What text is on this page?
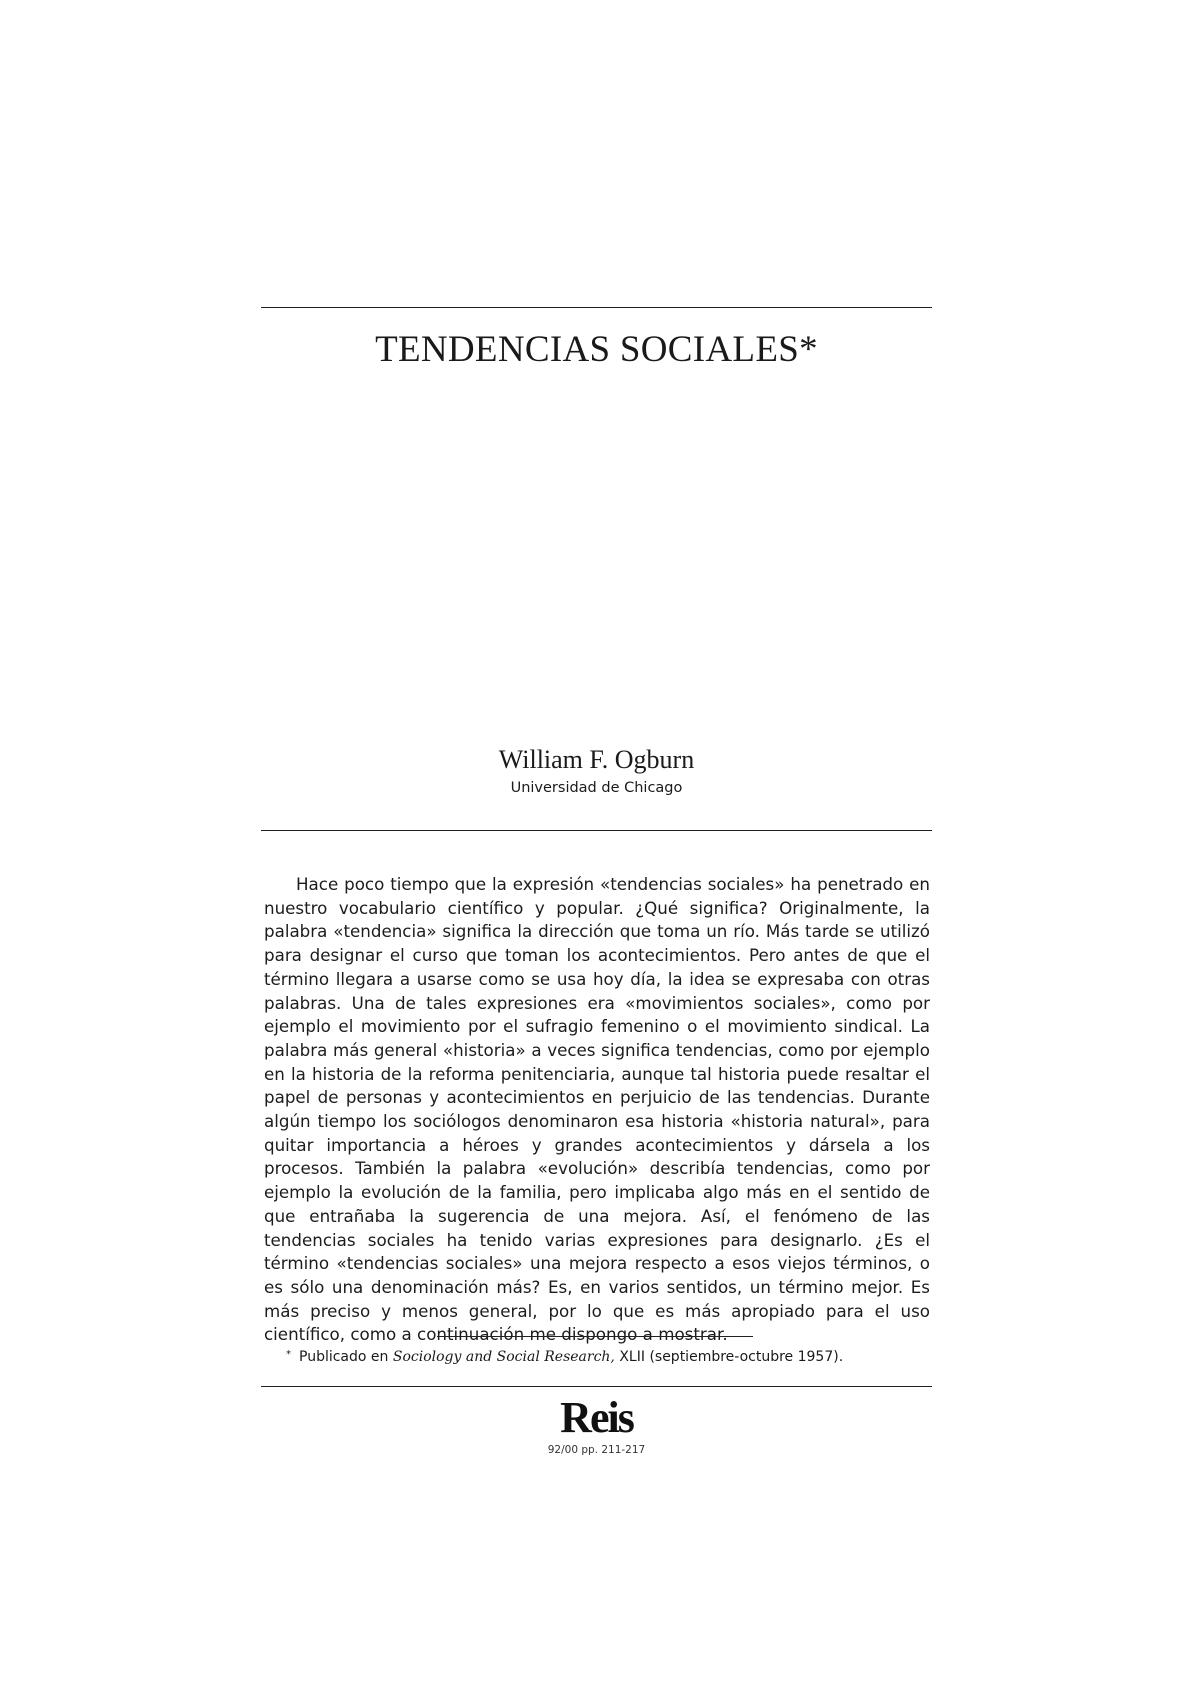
TENDENCIAS SOCIALES*
William F. Ogburn
Universidad de Chicago

Hace poco tiempo que la expresión «tendencias sociales» ha penetrado en nuestro vocabulario científico y popular. ¿Qué significa? Originalmente, la palabra «tendencia» significa la dirección que toma un río. Más tarde se utilizó para designar el curso que toman los acontecimientos. Pero antes de que el término llegara a usarse como se usa hoy día, la idea se expresaba con otras palabras. Una de tales expresiones era «movimientos sociales», como por ejemplo el movimiento por el sufragio femenino o el movimiento sindical. La palabra más general «historia» a veces significa tendencias, como por ejemplo en la historia de la reforma penitenciaria, aunque tal historia puede resaltar el papel de personas y acontecimientos en perjuicio de las tendencias. Durante algún tiempo los sociólogos denominaron esa historia «historia natural», para quitar importancia a héroes y grandes acontecimientos y dársela a los procesos. También la palabra «evolución» describía tendencias, como por ejemplo la evolución de la familia, pero implicaba algo más en el sentido de que entrañaba la sugerencia de una mejora. Así, el fenómeno de las tendencias sociales ha tenido varias expresiones para designarlo. ¿Es el término «tendencias sociales» una mejora respecto a esos viejos términos, o es sólo una denominación más? Es, en varios sentidos, un término mejor. Es más preciso y menos general, por lo que es más apropiado para el uso científico, como a continuación me dispongo a mostrar.

* Publicado en Sociology and Social Research, XLII (septiembre-octubre 1957).
Reis
92/00 pp. 211-217
